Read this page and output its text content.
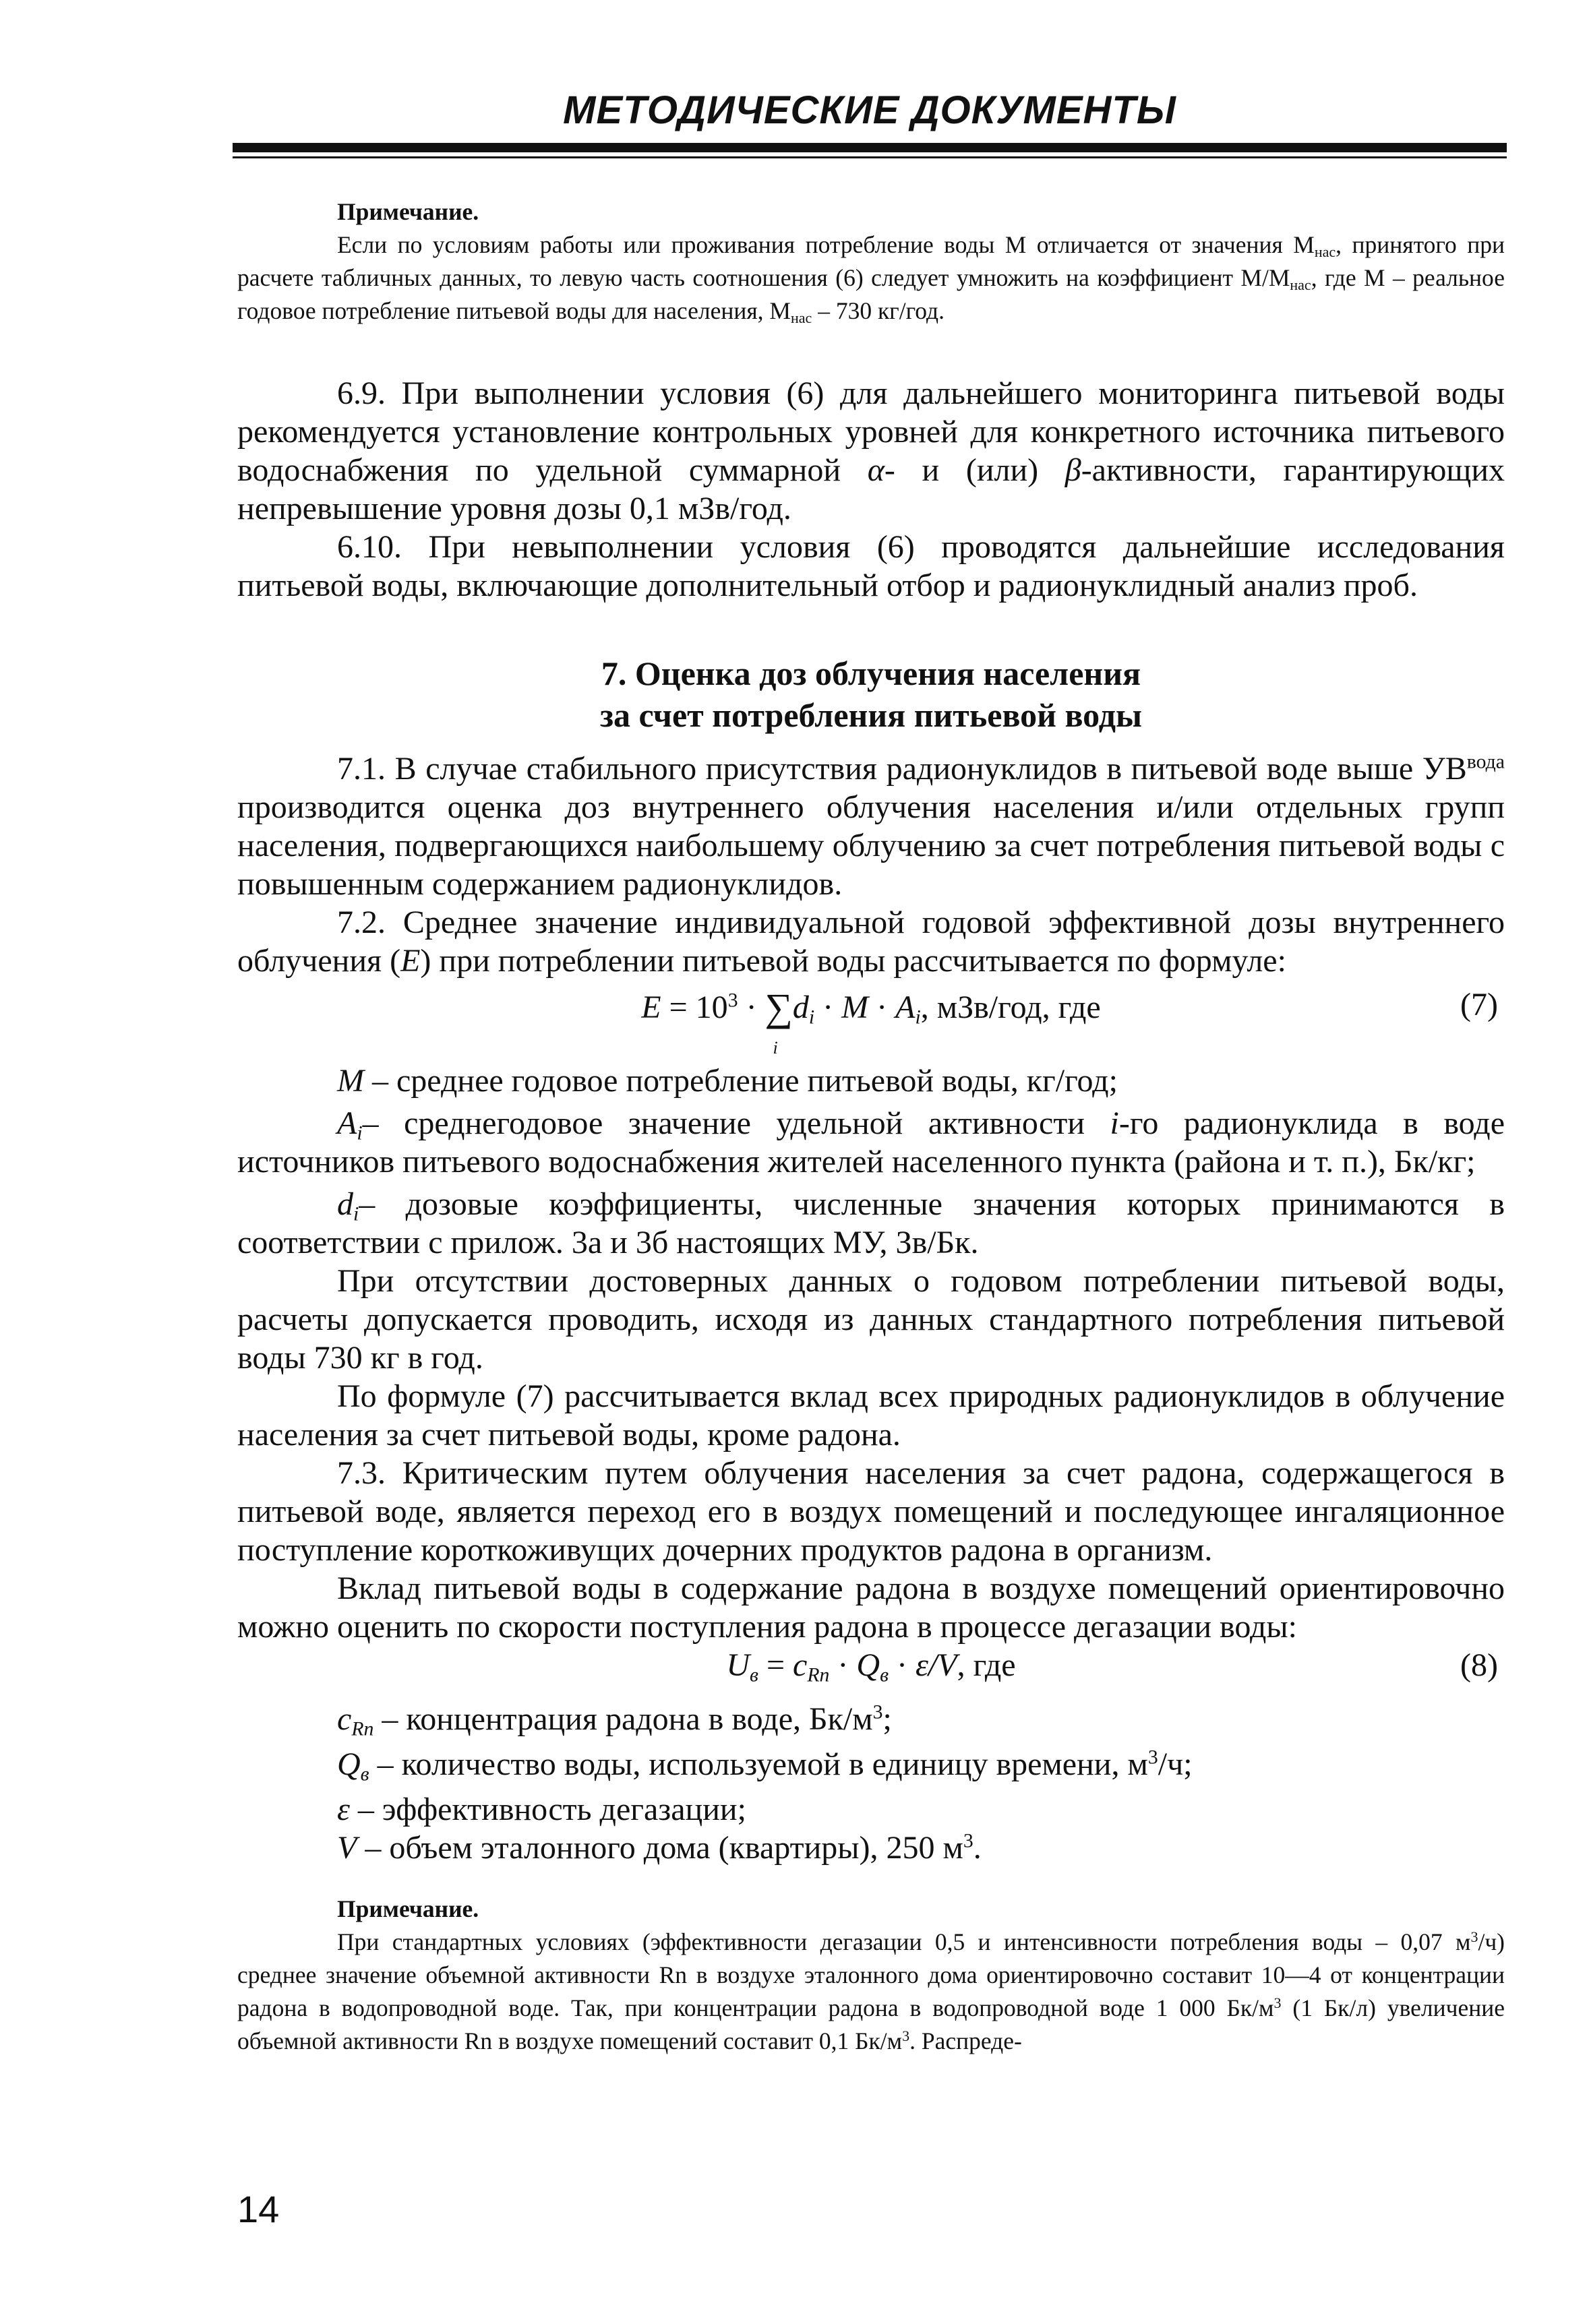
МЕТОДИЧЕСКИЕ ДОКУМЕНТЫ

Примечание.

Если по условиям работы или проживания потребление воды М отличается от значения $М_{нас}$, принятого при расчете табличных данных, то левую часть соотношения (6) следует умножить на коэффициент $М/М_{нас}$, где М – реальное годовое потребление питьевой воды для населения, $М_{нас} - 730$ кг/год.

6.9. При выполнении условия (6) для дальнейшего мониторинга питьевой воды рекомендуется установление контрольных уровней для конкретного источника питьевого водоснабжения по удельной суммарной α- и (или) β-активности, гарантирующих непревышение уровня дозы 0,1 мЗв/год.

6.10. При невыполнении условия (6) проводятся дальнейшие исследования питьевой воды, включающие дополнительный отбор и радионуклидный анализ проб.

7. Оценка доз облучения населения

за счет потребления питьевой воды

7.1. В случае стабильного присутствия радионуклидов в питьевой воде выше $УВ^{вода}$ производится оценка доз внутреннего облучения населения и/или отдельных групп населения, подвергающихся наибольшему облучению за счет потребления питьевой воды с повышенным содержанием радионуклидов.

7.2. Среднее значение индивидуальной годовой эффективной дозы внутреннего облучения (E) при потреблении питьевой воды рассчитывается по формуле:

$E = 10^3$ · ∑
i
$d_i \cdot M \cdot A_i$, мЗв/год, где	(7)

M – среднее годовое потребление питьевой воды, кг/год;

$A_i-$ среднегодовое значение удельной активности i-го радионуклида в воде источников питьевого водоснабжения жителей населенного пункта (района и т. п.), Бк/кг;

$d_i-$ дозовые коэффициенты, численные значения которых принимаются в соответствии с прилож. 3а и 3б настоящих МУ, Зв/Бк.

При отсутствии достоверных данных о годовом потреблении питьевой воды, расчеты допускается проводить, исходя из данных стандартного потребления питьевой воды 730 кг в год.

По формуле (7) рассчитывается вклад всех природных радионуклидов в облучение населения за счет питьевой воды, кроме радона.

7.3. Критическим путем облучения населения за счет радона, содержащегося в питьевой воде, является переход его в воздух помещений и последующее ингаляционное поступление короткоживущих дочерних продуктов радона в организм.

Вклад питьевой воды в содержание радона в воздухе помещений ориентировочно можно оценить по скорости поступления радона в процессе дегазации воды:

$U_в = c_{Rn} \cdot Q_в \cdot \varepsilon/V$, где	(8)

$c_{Rn}$ – концентрация радона в воде, $Бк/м^3$;

$Q_в$ – количество воды, используемой в единицу времени, $м^3/ч$;

ε – эффективность дегазации;

V – объем эталонного дома (квартиры), 250 $м^3$.

Примечание.

При стандартных условиях (эффективности дегазации 0,5 и интенсивности потребления воды – 0,07 $м^3/ч$) среднее значение объемной активности Rn в воздухе эталонного дома ориентировочно составит 10—4 от концентрации радона в водопроводной воде. Так, при концентрации радона в водопроводной воде 1 000 $Бк/м^3$ (1 Бк/л) увеличение объемной активности Rn в воздухе помещений составит 0,1 $Бк/м^3$. Распреде-

14
